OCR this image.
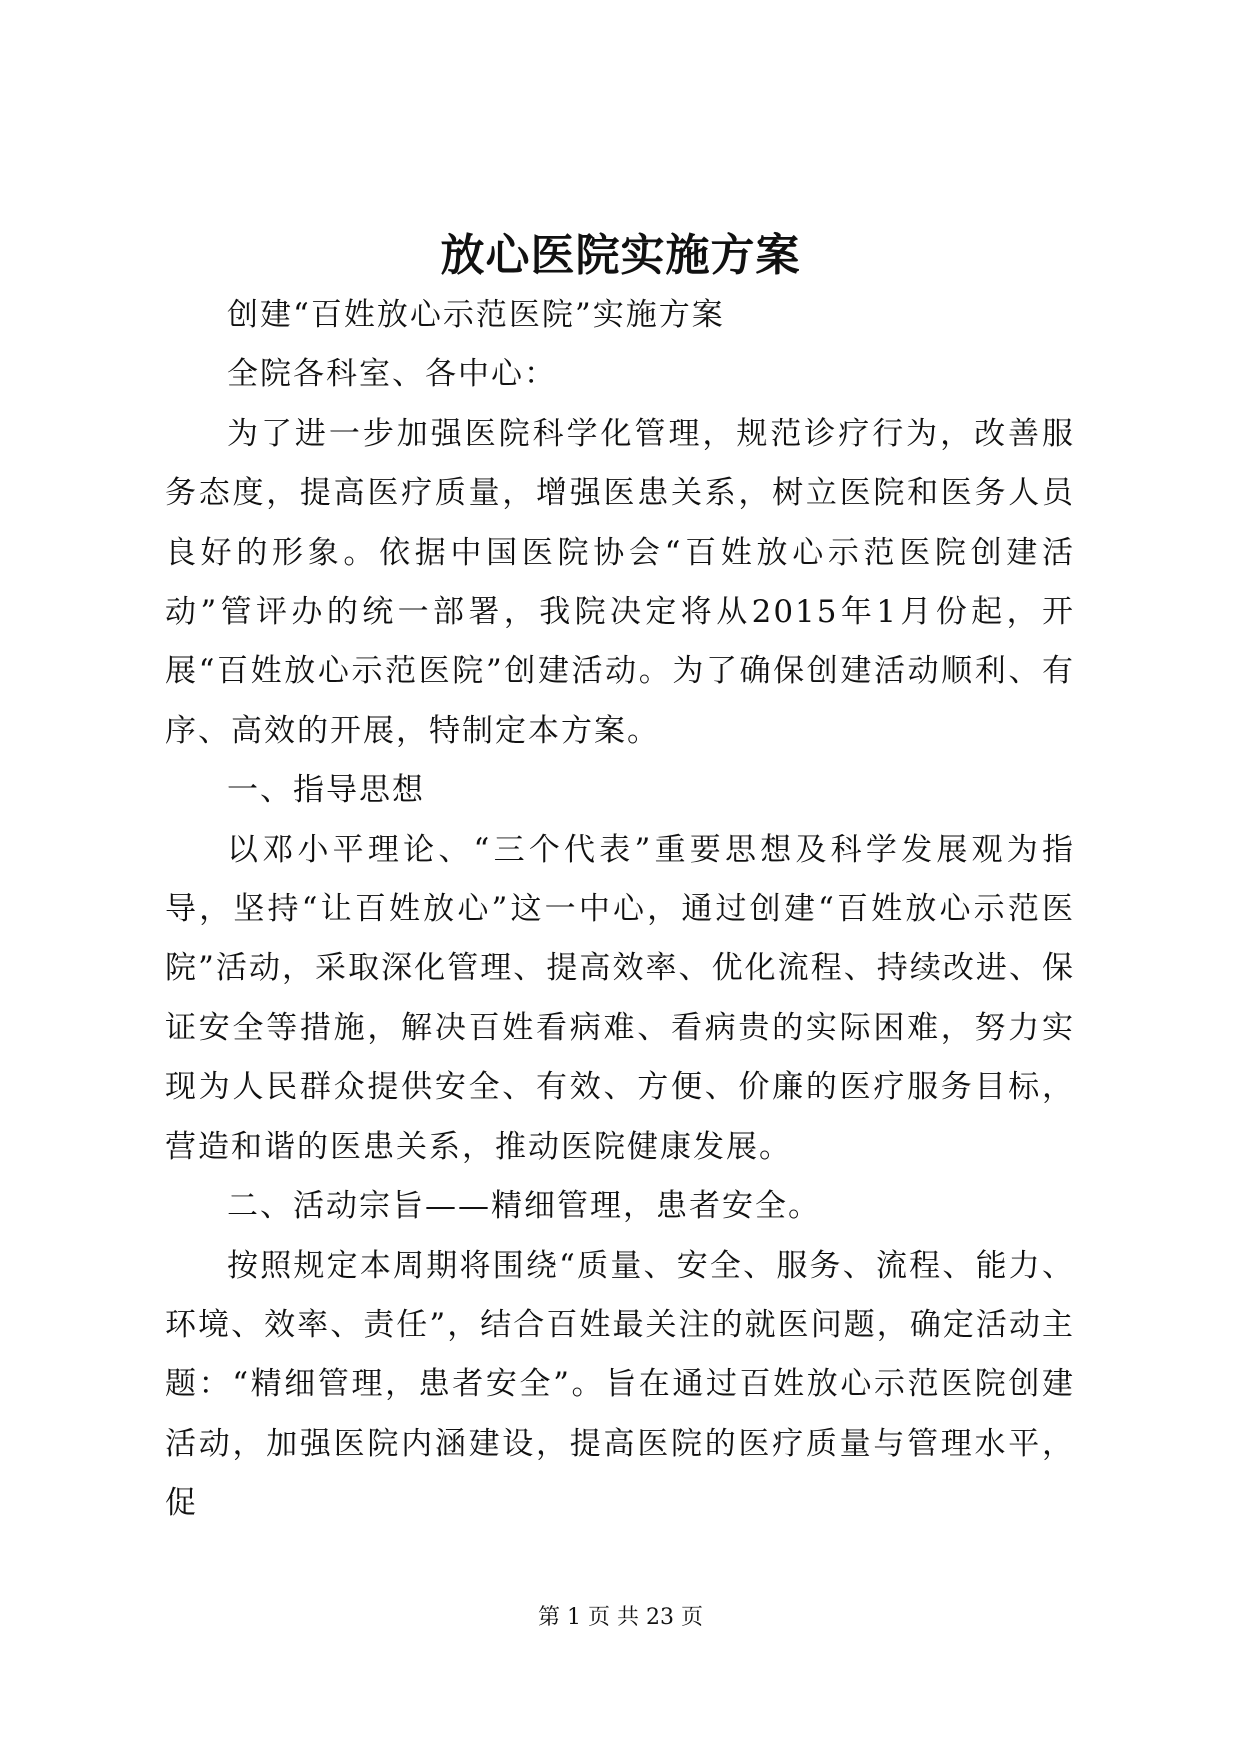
放心医院实施方案

创建“百姓放心示范医院”实施方案

全院各科室、各中心：

为了进一步加强医院科学化管理，规范诊疗行为，改善服务态度，提高医疗质量，增强医患关系，树立医院和医务人员良好的形象。依据中国医院协会“百姓放心示范医院创建活动”管评办的统一部署，我院决定将从2015年1月份起，开展“百姓放心示范医院”创建活动。为了确保创建活动顺利、有序、高效的开展，特制定本方案。

一、指导思想

以邓小平理论、“三个代表”重要思想及科学发展观为指导，坚持“让百姓放心”这一中心，通过创建“百姓放心示范医院”活动，采取深化管理、提高效率、优化流程、持续改进、保证安全等措施，解决百姓看病难、看病贵的实际困难，努力实现为人民群众提供安全、有效、方便、价廉的医疗服务目标，营造和谐的医患关系，推动医院健康发展。

二、活动宗旨——精细管理，患者安全。

按照规定本周期将围绕“质量、安全、服务、流程、能力、环境、效率、责任”，结合百姓最关注的就医问题，确定活动主题：“精细管理，患者安全”。旨在通过百姓放心示范医院创建活动，加强医院内涵建设，提高医院的医疗质量与管理水平，促

第 1 页 共 23 页
